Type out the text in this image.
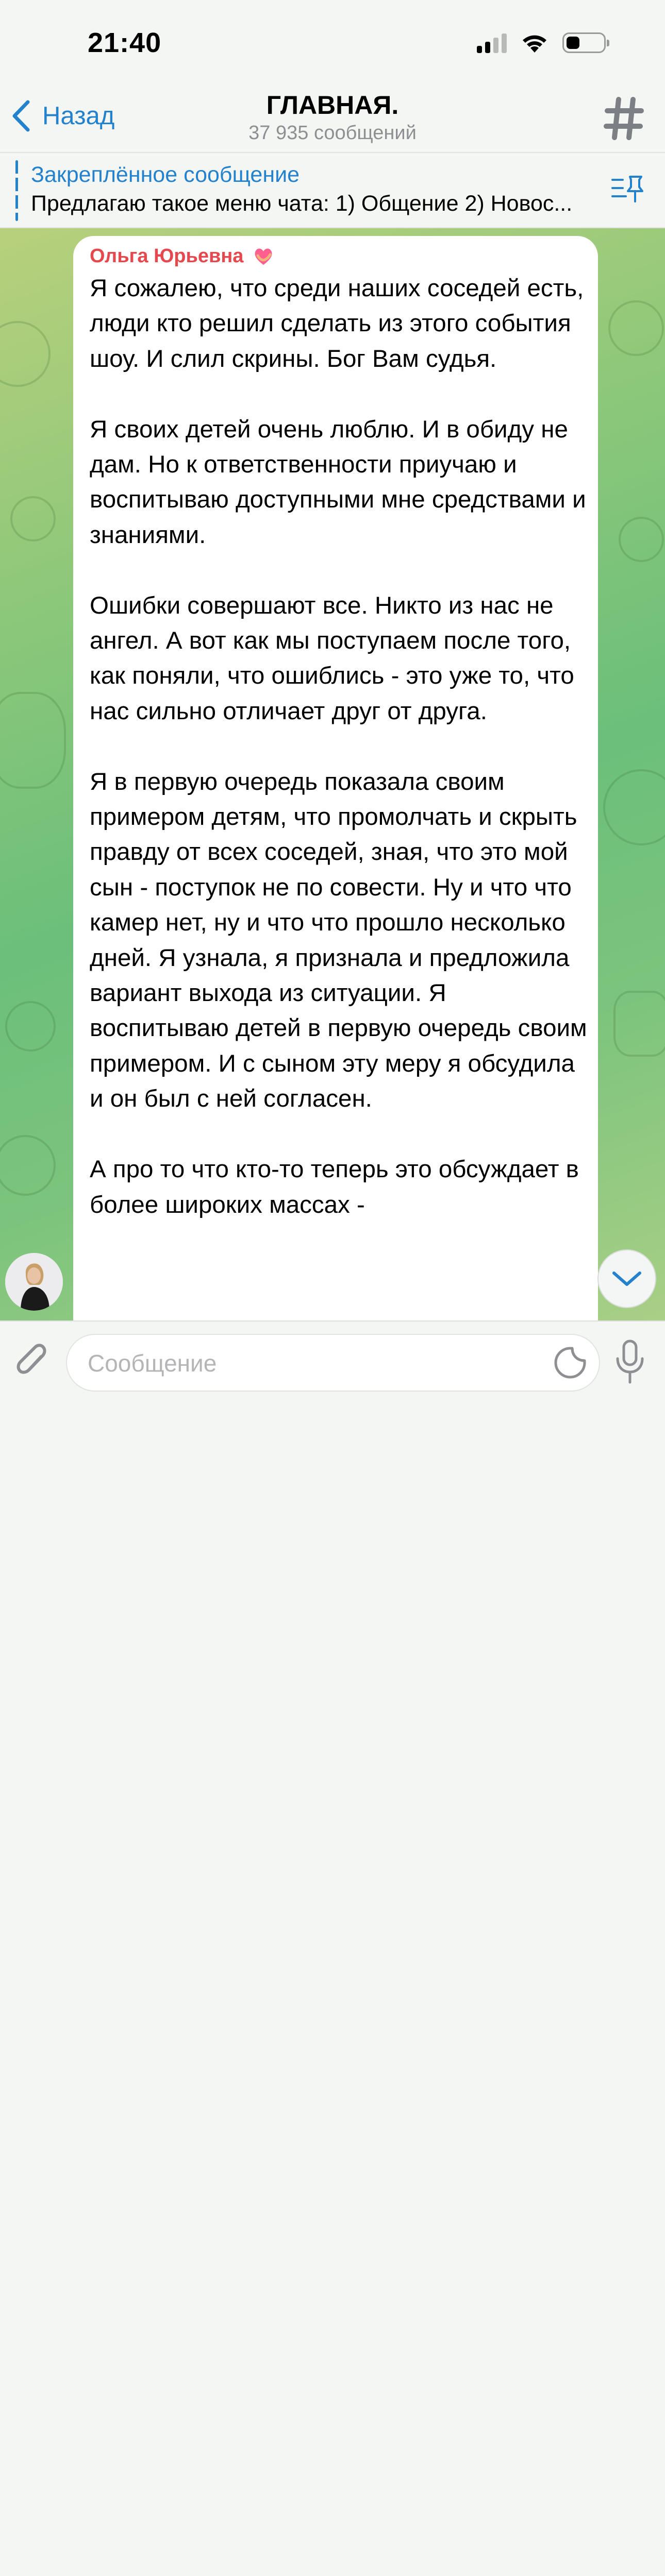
21:40
Назад	ГЛАВНАЯ.
37 935 сообщений
Закреплённое сообщение
Предлагаю такое меню чата: 1) Общение 2) Новос...
Ольга Юрьевна

Я сожалею, что среди наших соседей есть, люди кто решил сделать из этого события шоу. И слил скрины. Бог Вам судья.

Я своих детей очень люблю. И в обиду не дам. Но к ответственности приучаю и воспитываю доступными мне средствами и знаниями.

Ошибки совершают все. Никто из нас не ангел. А вот как мы поступаем после того, как поняли, что ошиблись - это уже то, что нас сильно отличает друг от друга.

Я в первую очередь показала своим примером детям, что промолчать и скрыть правду от всех соседей, зная, что это мой сын - поступок не по совести. Ну и что что камер нет, ну и что что прошло несколько дней. Я узнала, я признала и предложила вариант выхода из ситуации. Я воспитываю детей в первую очередь своим примером. И с сыном эту меру я обсудила и он был с ней согласен.

А про то что кто-то теперь это обсуждает в более широких массах -

Сообщение
